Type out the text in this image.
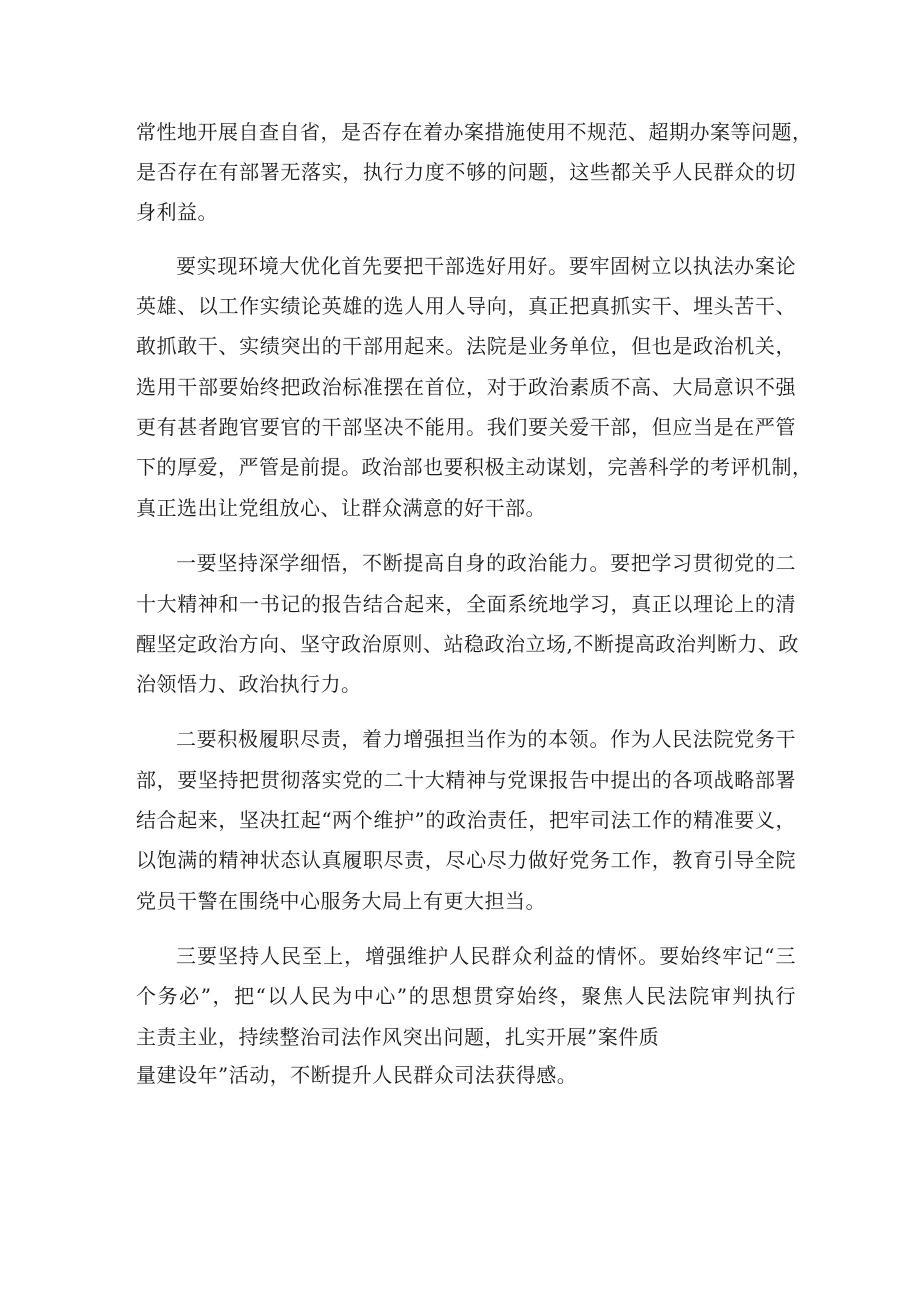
常性地开展自查自省，是否存在着办案措施使用不规范、超期办案等问题，
是否存在有部署无落实，执行力度不够的问题，这些都关乎人民群众的切
身利益。
要实现环境大优化首先要把干部选好用好。要牢固树立以执法办案论
英雄、以工作实绩论英雄的选人用人导向，真正把真抓实干、埋头苦干、
敢抓敢干、实绩突出的干部用起来。法院是业务单位，但也是政治机关，
选用干部要始终把政治标准摆在首位，对于政治素质不高、大局意识不强
更有甚者跑官要官的干部坚决不能用。我们要关爱干部，但应当是在严管
下的厚爱，严管是前提。政治部也要积极主动谋划，完善科学的考评机制，
真正选出让党组放心、让群众满意的好干部。
一要坚持深学细悟，不断提高自身的政治能力。要把学习贯彻党的二
十大精神和一书记的报告结合起来，全面系统地学习，真正以理论上的清
醒坚定政治方向、坚守政治原则、站稳政治立场,不断提高政治判断力、政
治领悟力、政治执行力。
二要积极履职尽责，着力增强担当作为的本领。作为人民法院党务干
部，要坚持把贯彻落实党的二十大精神与党课报告中提出的各项战略部署
结合起来，坚决扛起“两个维护”的政治责任，把牢司法工作的精准要义，
以饱满的精神状态认真履职尽责，尽心尽力做好党务工作，教育引导全院
党员干警在围绕中心服务大局上有更大担当。
三要坚持人民至上，增强维护人民群众利益的情怀。要始终牢记“三
个务必”，把“以人民为中心”的思想贯穿始终，聚焦人民法院审判执行
主责主业，持续整治司法作风突出问题，扎实开展”案件质
量建设年”活动，不断提升人民群众司法获得感。
